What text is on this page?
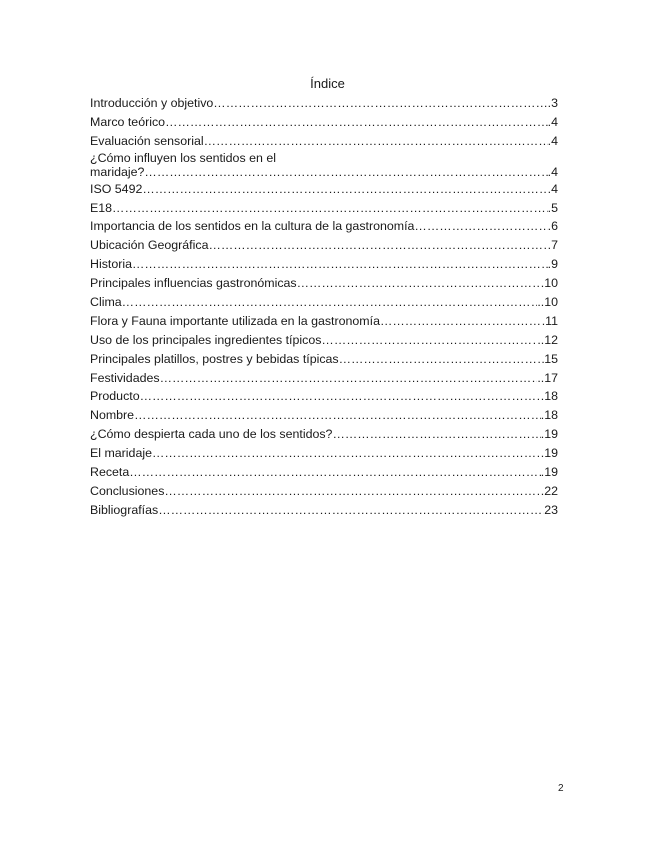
Índice
Introducción y objetivo ……………………………………………………………………………………………………………………………………………………………………………………………………………………………………	.3
Marco teórico ……………………………………………………………………………………………………………………………………………………………………………………………………………………………………	.4
Evaluación sensorial ……………………………………………………………………………………………………………………………………………………………………………………………………………………………………	.4
¿Cómo influyen los sentidos en el
maridaje? ……………………………………………………………………………………………………………………………………………………………………………………………………………………………………	.4
ISO 5492 ……………………………………………………………………………………………………………………………………………………………………………………………………………………………………	.4
E18 ……………………………………………………………………………………………………………………………………………………………………………………………………………………………………	.5
Importancia de los sentidos en la cultura de la gastronomía ……………………………………………………………………………………………………………………………………………………………………………………………………………………………………	.6
Ubicación Geográfica ……………………………………………………………………………………………………………………………………………………………………………………………………………………………………	.7
Historia ……………………………………………………………………………………………………………………………………………………………………………………………………………………………………	.9
Principales influencias gastronómicas ……………………………………………………………………………………………………………………………………………………………………………………………………………………………………	.10
Clima ……………………………………………………………………………………………………………………………………………………………………………………………………………………………………	..10
Flora y Fauna importante utilizada en la gastronomía ……………………………………………………………………………………………………………………………………………………………………………………………………………………………………	.11
Uso de los principales ingredientes típicos ……………………………………………………………………………………………………………………………………………………………………………………………………………………………………	..12
Principales platillos, postres y bebidas típicas ……………………………………………………………………………………………………………………………………………………………………………………………………………………………………	15
Festividades ……………………………………………………………………………………………………………………………………………………………………………………………………………………………………	..17
Producto ……………………………………………………………………………………………………………………………………………………………………………………………………………………………………	.18
Nombre ……………………………………………………………………………………………………………………………………………………………………………………………………………………………………	.18
¿Cómo despierta cada uno de los sentidos? ……………………………………………………………………………………………………………………………………………………………………………………………………………………………………	.19
El maridaje ……………………………………………………………………………………………………………………………………………………………………………………………………………………………………	.19
Receta ……………………………………………………………………………………………………………………………………………………………………………………………………………………………………	.19
Conclusiones ……………………………………………………………………………………………………………………………………………………………………………………………………………………………………	.22
Bibliografías ……………………………………………………………………………………………………………………………………………………………………………………………………………………………………	23
2
